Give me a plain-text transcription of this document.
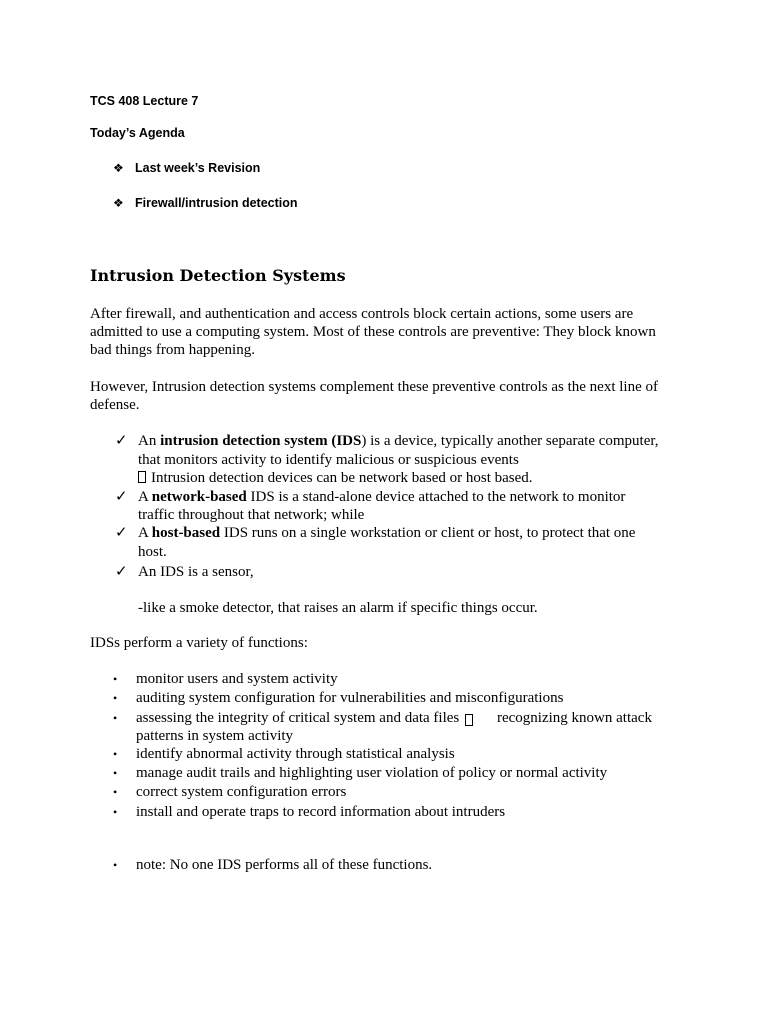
TCS 408 Lecture 7
Today’s Agenda
❖ Last week’s Revision
❖ Firewall/intrusion detection
Intrusion Detection Systems
After firewall, and authentication and access controls block certain actions, some users are admitted to use a computing system. Most of these controls are preventive: They block known bad things from happening.
However, Intrusion detection systems complement these preventive controls as the next line of defense.
✓ An intrusion detection system (IDS) is a device, typically another separate computer,
that monitors activity to identify malicious or suspicious events
Intrusion detection devices can be network based or host based.
✓ A network-based IDS is a stand-alone device attached to the network to monitor
traffic throughout that network; while
✓ A host-based IDS runs on a single workstation or client or host, to protect that one
host.
✓ An IDS is a sensor,
-like a smoke detector, that raises an alarm if specific things occur.
IDSs perform a variety of functions:
• monitor users and system activity
• auditing system configuration for vulnerabilities and misconfigurations
• assessing the integrity of critical system and data files	recognizing known attack
patterns in system activity
• identify abnormal activity through statistical analysis
• manage audit trails and highlighting user violation of policy or normal activity
• correct system configuration errors
• install and operate traps to record information about intruders
• note: No one IDS performs all of these functions.
